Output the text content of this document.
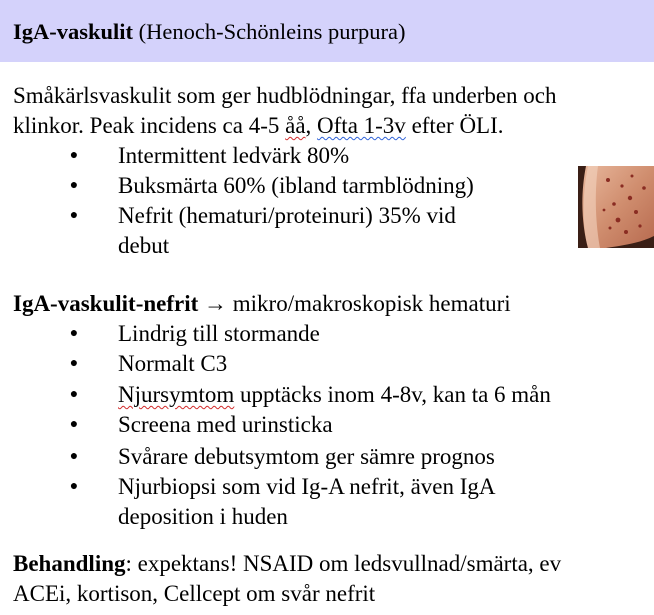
IgA-vaskulit (Henoch-Schönleins purpura)
Småkärlsvaskulit som ger hudblödningar, ffa underben och
klinkor. Peak incidens ca 4-5 åå, Ofta 1-3v efter ÖLI.
● Intermittent ledvärk 80%
● Buksmärta 60% (ibland tarmblödning)
● Nefrit (hematuri/proteinuri) 35% vid
debut
IgA-vaskulit-nefrit → mikro/makroskopisk hematuri
● Lindrig till stormande
● Normalt C3
● Njursymtom upptäcks inom 4-8v, kan ta 6 mån
● Screena med urinsticka
● Svårare debutsymtom ger sämre prognos
● Njurbiopsi som vid Ig-A nefrit, även IgA
deposition i huden
Behandling: expektans! NSAID om ledsvullnad/smärta, ev
ACEi, kortison, Cellcept om svår nefrit
